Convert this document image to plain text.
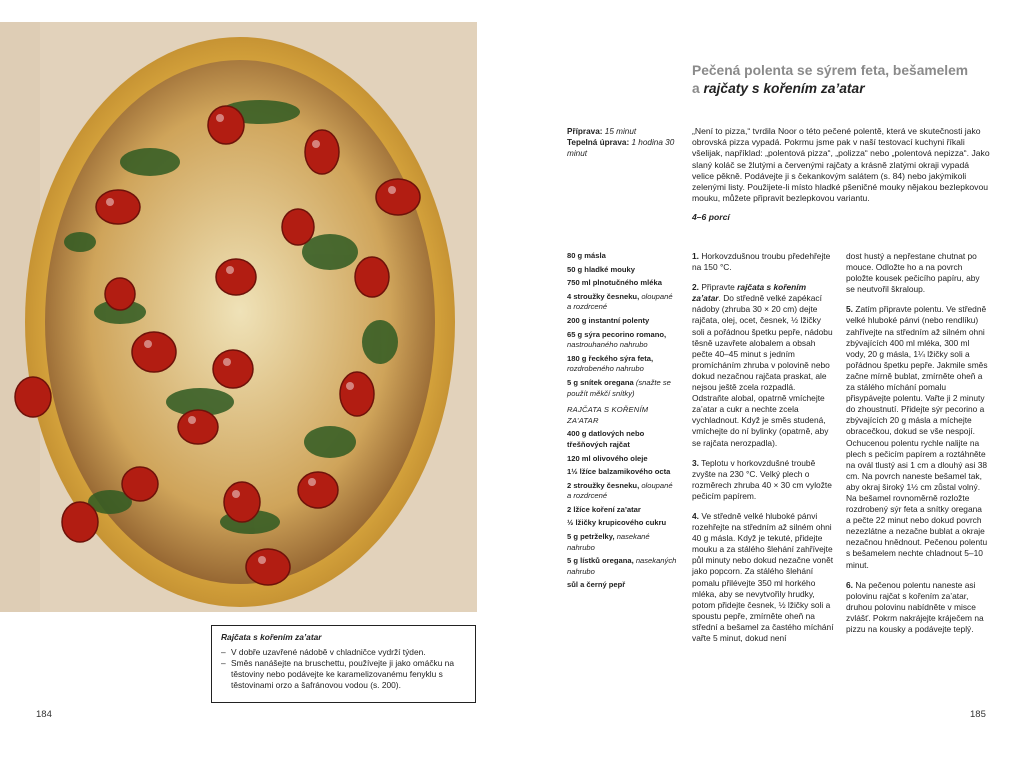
Rajčata s kořením za’atar
– V dobře uzavřené nádobě v chladničce vydrží týden.
– Směs nanášejte na bruschettu, používejte ji jako omáčku na těstoviny nebo podávejte ke karamelizovanému fenyklu s těstovinami orzo a šafránovou vodou (s. 200).
184
Pečená polenta se sýrem feta, bešamelem
a rajčaty s kořením za’atar
Příprava: 15 minut
Tepelná úprava: 1 hodina 30 minut
„Není to pizza,“ tvrdila Noor o této pečené polentě, která ve skutečnosti jako obrovská pizza vypadá. Pokrmu jsme pak v naší testovací kuchyni říkali všelijak, například: „polentová pizza“, „polizza“ nebo „polentová nepizza“. Jako slaný koláč se žlutými a červenými rajčaty a krásně zlatými okraji vypadá velice pěkně. Podávejte ji s čekankovým salátem (s. 84) nebo jakýmikoli zelenými listy. Použijete-li místo hladké pšeničné mouky nějakou bezlepkovou mouku, můžete připravit bezlepkovou variantu.
4–6 porcí
80 g másla
50 g hladké mouky
750 ml plnotučného mléka
4 stroužky česneku, oloupané a rozdrcené
200 g instantní polenty
65 g sýra pecorino romano, nastrouhaného nahrubo
180 g řeckého sýra feta, rozdrobeného nahrubo
5 g snítek oregana (snažte se použít měkčí snítky)
RAJČATA S KOŘENÍM ZA’ATAR
400 g datlových nebo třešňových rajčat
120 ml olivového oleje
1½ lžíce balzamikového octa
2 stroužky česneku, oloupané a rozdrcené
2 lžíce koření za’atar
½ lžičky krupicového cukru
5 g petrželky, nasekané nahrubo
5 g lístků oregana, nasekaných nahrubo
sůl a černý pepř
1. Horkovzdušnou troubu předehřejte na 150 °C.
2. Připravte rajčata s kořením za’atar. Do středně velké zapékací nádoby (zhruba 30 × 20 cm) dejte rajčata, olej, ocet, česnek, ½ lžičky soli a pořádnou špetku pepře, nádobu těsně uzavřete alobalem a obsah pečte 40–45 minut s jedním promícháním zhruba v polovině nebo dokud nezačnou rajčata praskat, ale nejsou ještě zcela rozpadlá. Odstraňte alobal, opatrně vmíchejte za’atar a cukr a nechte zcela vychladnout. Když je směs studená, vmíchejte do ní bylinky (opatrně, aby se rajčata nerozpadla).
3. Teplotu v horkovzdušné troubě zvyšte na 230 °C. Velký plech o rozměrech zhruba 40 × 30 cm vyložte pečicím papírem.
4. Ve středně velké hluboké pánvi rozehřejte na středním až silném ohni 40 g másla. Když je tekuté, přidejte mouku a za stálého šlehání zahřívejte půl minuty nebo dokud nezačne vonět jako popcorn. Za stálého šlehání pomalu přilévejte 350 ml horkého mléka, aby se nevytvořily hrudky, potom přidejte česnek, ½ lžičky soli a spoustu pepře, zmírněte oheň na střední a bešamel za častého míchání vařte 5 minut, dokud není
dost hustý a nepřestane chutnat po mouce. Odložte ho a na povrch položte kousek pečicího papíru, aby se neutvořil škraloup.
5. Zatím připravte polentu. Ve středně velké hluboké pánvi (nebo rendlíku) zahřívejte na středním až silném ohni zbývajících 400 ml mléka, 300 ml vody, 20 g másla, 1¼ lžičky soli a pořádnou špetku pepře. Jakmile směs začne mírně bublat, zmírněte oheň a za stálého míchání pomalu přisypávejte polentu. Vařte ji 2 minuty do zhoustnutí. Přidejte sýr pecorino a zbývajících 20 g másla a míchejte obracečkou, dokud se vše nespojí. Ochucenou polentu rychle nalijte na plech s pečicím papírem a roztáhněte na ovál tlustý asi 1 cm a dlouhý asi 38 cm. Na povrch naneste bešamel tak, aby okraj široký 1½ cm zůstal volný. Na bešamel rovnoměrně rozložte rozdrobený sýr feta a snítky oregana a pečte 22 minut nebo dokud povrch nezezlátne a nezačne bublat a okraje nezačnou hnědnout. Pečenou polentu s bešamelem nechte chladnout 5–10 minut.
6. Na pečenou polentu naneste asi polovinu rajčat s kořením za’atar, druhou polovinu nabídněte v misce zvlášť. Pokrm nakrájejte kráječem na pizzu na kousky a podávejte teplý.
185
